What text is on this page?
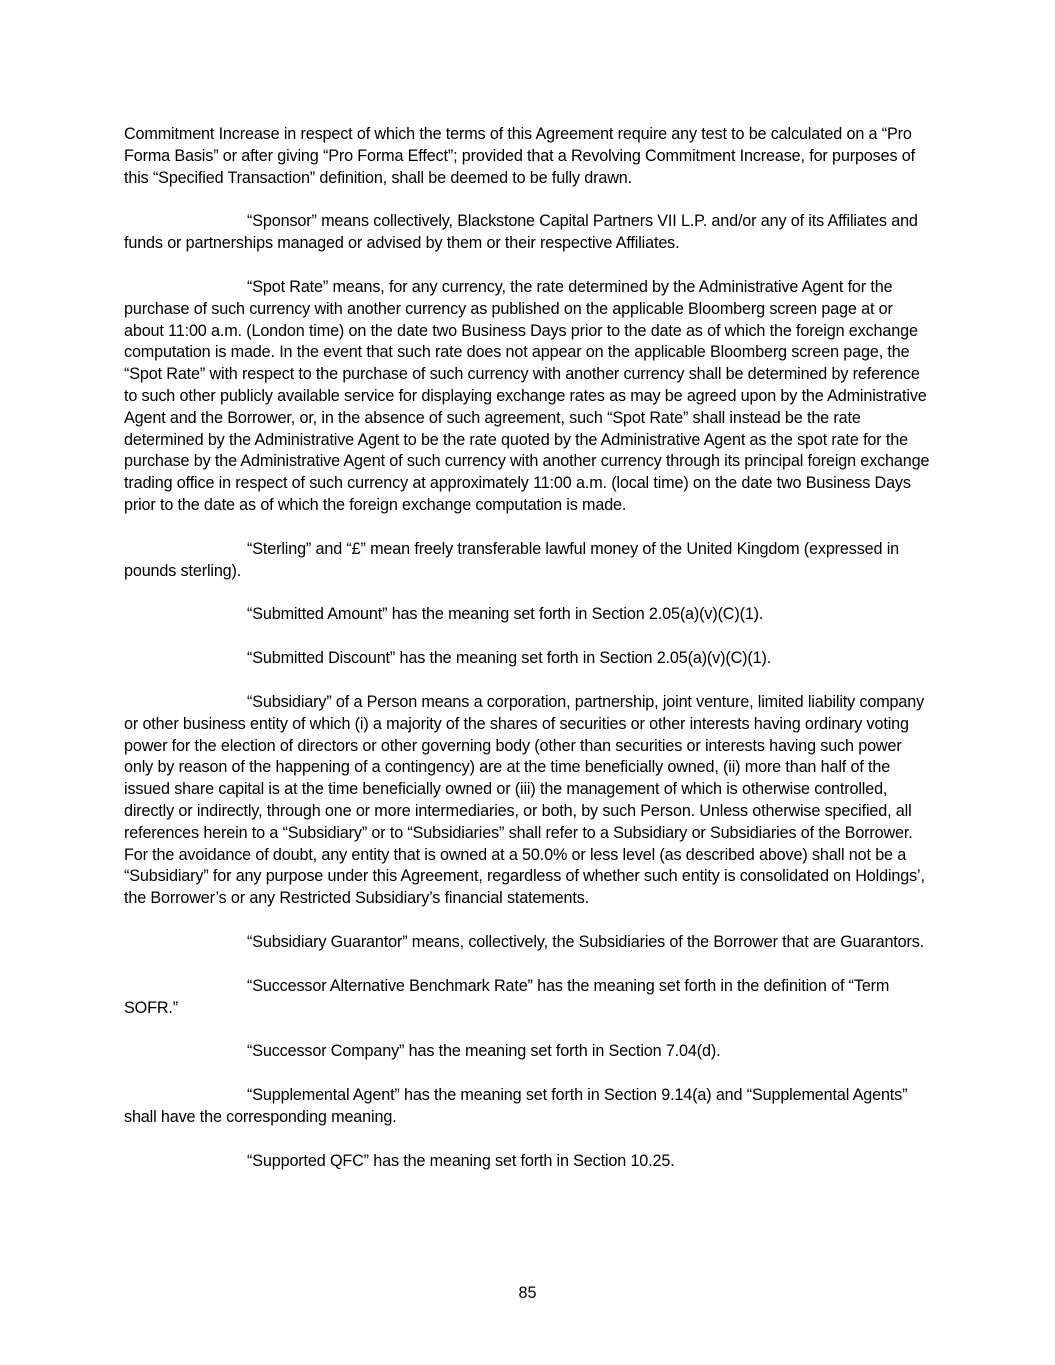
Commitment Increase in respect of which the terms of this Agreement require any test to be calculated on a “Pro Forma Basis” or after giving “Pro Forma Effect”; provided that a Revolving Commitment Increase, for purposes of this “Specified Transaction” definition, shall be deemed to be fully drawn.

“Sponsor” means collectively, Blackstone Capital Partners VII L.P. and/or any of its Affiliates and funds or partnerships managed or advised by them or their respective Affiliates.

“Spot Rate” means, for any currency, the rate determined by the Administrative Agent for the purchase of such currency with another currency as published on the applicable Bloomberg screen page at or about 11:00 a.m. (London time) on the date two Business Days prior to the date as of which the foreign exchange computation is made. In the event that such rate does not appear on the applicable Bloomberg screen page, the “Spot Rate” with respect to the purchase of such currency with another currency shall be determined by reference to such other publicly available service for displaying exchange rates as may be agreed upon by the Administrative Agent and the Borrower, or, in the absence of such agreement, such “Spot Rate” shall instead be the rate determined by the Administrative Agent to be the rate quoted by the Administrative Agent as the spot rate for the purchase by the Administrative Agent of such currency with another currency through its principal foreign exchange trading office in respect of such currency at approximately 11:00 a.m. (local time) on the date two Business Days prior to the date as of which the foreign exchange computation is made.

“Sterling” and “£” mean freely transferable lawful money of the United Kingdom (expressed in pounds sterling).

“Submitted Amount” has the meaning set forth in Section 2.05(a)(v)(C)(1).

“Submitted Discount” has the meaning set forth in Section 2.05(a)(v)(C)(1).

“Subsidiary” of a Person means a corporation, partnership, joint venture, limited liability company or other business entity of which (i) a majority of the shares of securities or other interests having ordinary voting power for the election of directors or other governing body (other than securities or interests having such power only by reason of the happening of a contingency) are at the time beneficially owned, (ii) more than half of the issued share capital is at the time beneficially owned or (iii) the management of which is otherwise controlled, directly or indirectly, through one or more intermediaries, or both, by such Person. Unless otherwise specified, all references herein to a “Subsidiary” or to “Subsidiaries” shall refer to a Subsidiary or Subsidiaries of the Borrower. For the avoidance of doubt, any entity that is owned at a 50.0% or less level (as described above) shall not be a “Subsidiary” for any purpose under this Agreement, regardless of whether such entity is consolidated on Holdings’, the Borrower’s or any Restricted Subsidiary’s financial statements.

“Subsidiary Guarantor” means, collectively, the Subsidiaries of the Borrower that are Guarantors.

“Successor Alternative Benchmark Rate” has the meaning set forth in the definition of “Term SOFR.”

“Successor Company” has the meaning set forth in Section 7.04(d).

“Supplemental Agent” has the meaning set forth in Section 9.14(a) and “Supplemental Agents” shall have the corresponding meaning.

“Supported QFC” has the meaning set forth in Section 10.25.

85
